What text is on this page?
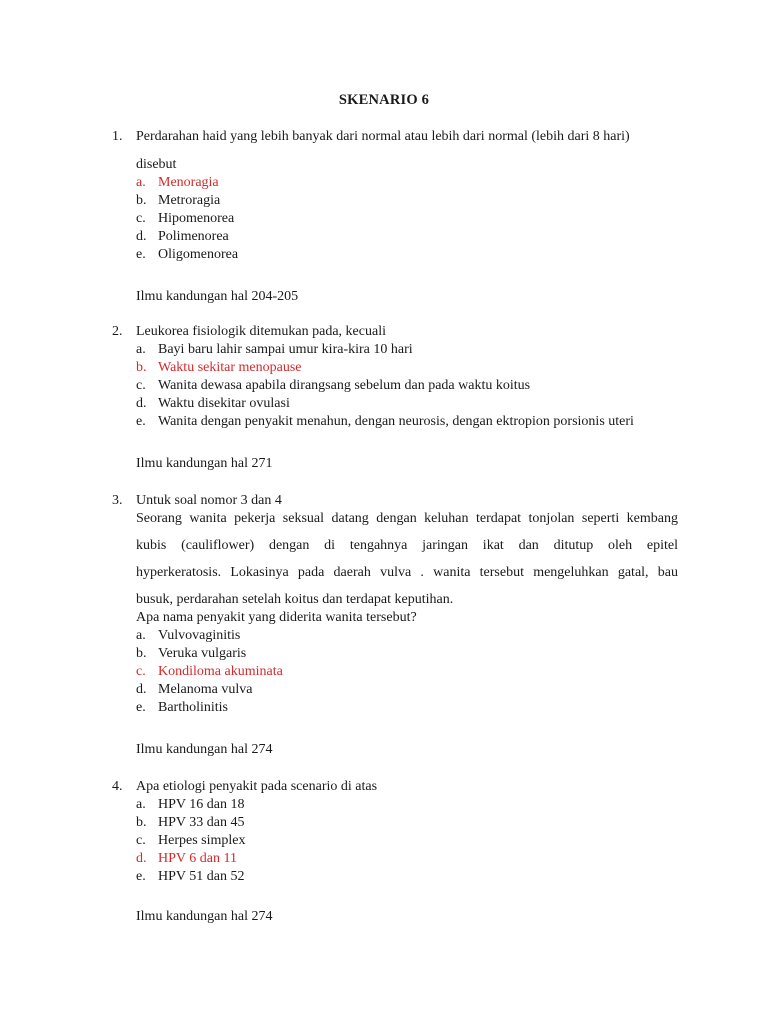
SKENARIO 6
1. Perdarahan haid yang lebih banyak dari normal atau lebih dari normal (lebih dari 8 hari)
disebut
a. Menoragia
b. Metroragia
c. Hipomenorea
d. Polimenorea
e. Oligomenorea
Ilmu kandungan hal 204-205
2. Leukorea fisiologik ditemukan pada, kecuali
a. Bayi baru lahir sampai umur kira-kira 10 hari
b. Waktu sekitar menopause
c. Wanita dewasa apabila dirangsang sebelum dan pada waktu koitus
d. Waktu disekitar ovulasi
e. Wanita dengan penyakit menahun, dengan neurosis, dengan ektropion porsionis uteri
Ilmu kandungan hal 271
3. Untuk soal nomor 3 dan 4
Seorang wanita pekerja seksual datang dengan keluhan terdapat tonjolan seperti kembang
kubis (cauliflower) dengan di tengahnya jaringan ikat dan ditutup oleh epitel
hyperkeratosis. Lokasinya pada daerah vulva . wanita tersebut mengeluhkan gatal, bau
busuk, perdarahan setelah koitus dan terdapat keputihan.
Apa nama penyakit yang diderita wanita tersebut?
a. Vulvovaginitis
b. Veruka vulgaris
c. Kondiloma akuminata
d. Melanoma vulva
e. Bartholinitis
Ilmu kandungan hal 274
4. Apa etiologi penyakit pada scenario di atas
a. HPV 16 dan 18
b. HPV 33 dan 45
c. Herpes simplex
d. HPV 6 dan 11
e. HPV 51 dan 52
Ilmu kandungan hal 274
